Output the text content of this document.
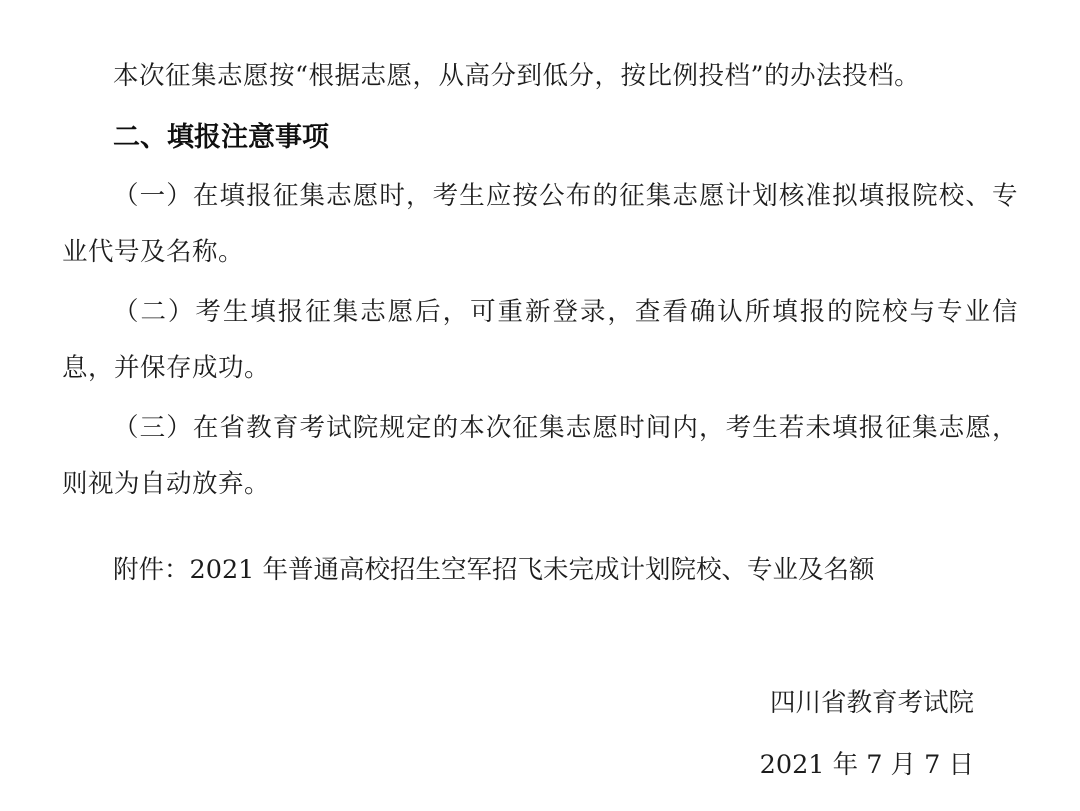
本次征集志愿按“根据志愿，从高分到低分，按比例投档”的办法投档。

二、填报注意事项

（一）在填报征集志愿时，考生应按公布的征集志愿计划核准拟填报院校、专业代号及名称。

（二）考生填报征集志愿后，可重新登录，查看确认所填报的院校与专业信息，并保存成功。

（三）在省教育考试院规定的本次征集志愿时间内，考生若未填报征集志愿，则视为自动放弃。

附件：2021 年普通高校招生空军招飞未完成计划院校、专业及名额

四川省教育考试院
2021 年 7 月 7 日
